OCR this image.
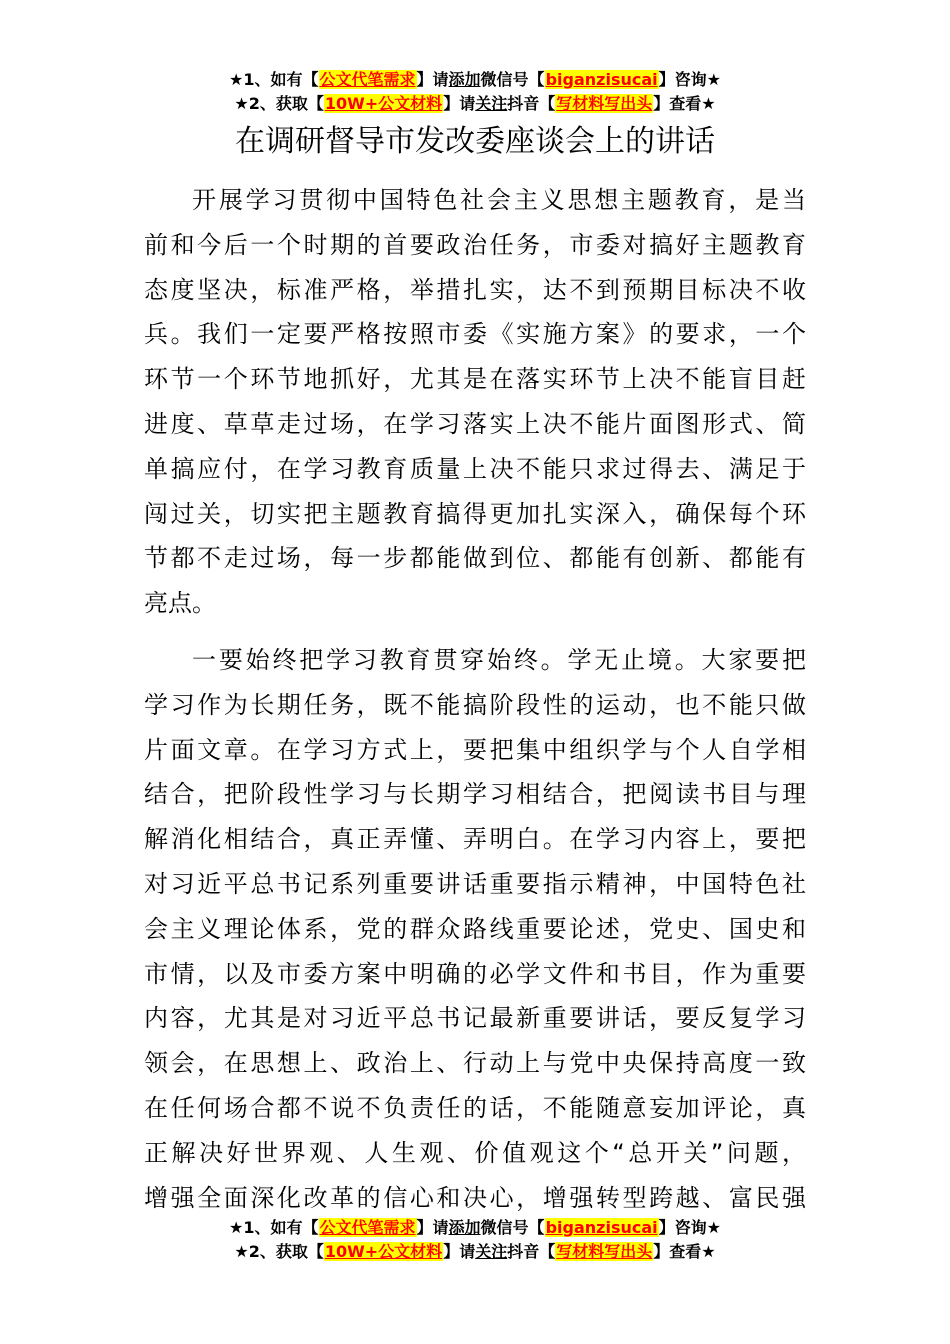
★1、如有【公文代笔需求】请添加微信号【biganzisucai】咨询★
★2、获取【10W+公文材料】请关注抖音【写材料写出头】查看★
在调研督导市发改委座谈会上的讲话

开展学习贯彻中国特色社会主义思想主题教育，是当
前和今后一个时期的首要政治任务，市委对搞好主题教育
态度坚决，标准严格，举措扎实，达不到预期目标决不收
兵。我们一定要严格按照市委《实施方案》的要求，一个
环节一个环节地抓好，尤其是在落实环节上决不能盲目赶
进度、草草走过场，在学习落实上决不能片面图形式、简
单搞应付，在学习教育质量上决不能只求过得去、满足于
闯过关，切实把主题教育搞得更加扎实深入，确保每个环
节都不走过场，每一步都能做到位、都能有创新、都能有
亮点。

一要始终把学习教育贯穿始终。学无止境。大家要把
学习作为长期任务，既不能搞阶段性的运动，也不能只做
片面文章。在学习方式上，要把集中组织学与个人自学相
结合，把阶段性学习与长期学习相结合，把阅读书目与理
解消化相结合，真正弄懂、弄明白。在学习内容上，要把
对习近平总书记系列重要讲话重要指示精神，中国特色社
会主义理论体系，党的群众路线重要论述，党史、国史和
市情，以及市委方案中明确的必学文件和书目，作为重要
内容，尤其是对习近平总书记最新重要讲话，要反复学习
领会，在思想上、政治上、行动上与党中央保持高度一致
在任何场合都不说不负责任的话，不能随意妄加评论，真
正解决好世界观、人生观、价值观这个“总开关”问题，
增强全面深化改革的信心和决心，增强转型跨越、富民强

★1、如有【公文代笔需求】请添加微信号【biganzisucai】咨询★
★2、获取【10W+公文材料】请关注抖音【写材料写出头】查看★
